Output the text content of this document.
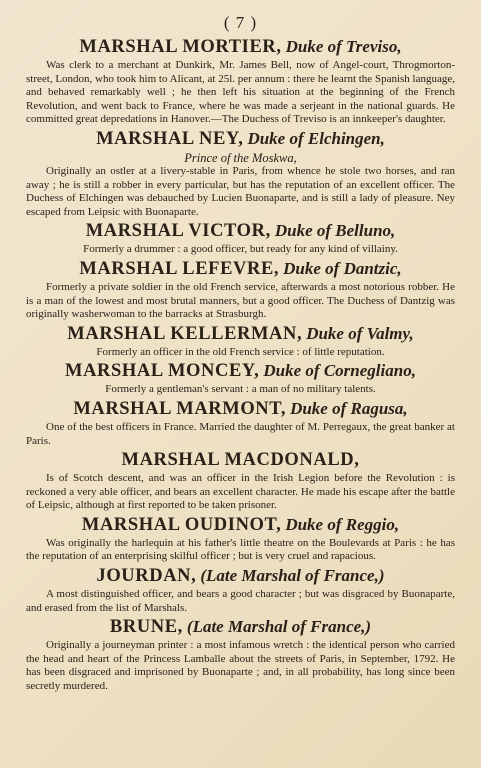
( 7 )
MARSHAL MORTIER, Duke of Treviso,

Was clerk to a merchant at Dunkirk, Mr. James Bell, now of Angel-court, Throgmorton-street, London, who took him to Alicant, at 25l. per annum : there he learnt the Spanish language, and behaved remarkably well ; he then left his situation at the beginning of the French Revolution, and went back to France, where he was made a serjeant in the national guards. He committed great depredations in Hanover.—The Duchess of Treviso is an innkeeper's daughter.

MARSHAL NEY, Duke of Elchingen,
Prince of the Moskwa,

Originally an ostler at a livery-stable in Paris, from whence he stole two horses, and ran away ; he is still a robber in every particular, but has the reputation of an excellent officer. The Duchess of Elchingen was debauched by Lucien Buonaparte, and is still a lady of pleasure. Ney escaped from Leipsic with Buonaparte.

MARSHAL VICTOR, Duke of Belluno,

Formerly a drummer : a good officer, but ready for any kind of villainy.

MARSHAL LEFEVRE, Duke of Dantzic,

Formerly a private soldier in the old French service, afterwards a most notorious robber. He is a man of the lowest and most brutal manners, but a good officer. The Duchess of Dantzig was originally washerwoman to the barracks at Strasburgh.

MARSHAL KELLERMAN, Duke of Valmy,

Formerly an officer in the old French service : of little reputation.

MARSHAL MONCEY, Duke of Cornegliano,

Formerly a gentleman's servant : a man of no military talents.

MARSHAL MARMONT, Duke of Ragusa,

One of the best officers in France. Married the daughter of M. Perregaux, the great banker at Paris.

MARSHAL MACDONALD,

Is of Scotch descent, and was an officer in the Irish Legion before the Revolution : is reckoned a very able officer, and bears an excellent character. He made his escape after the battle of Leipsic, although at first reported to be taken prisoner.

MARSHAL OUDINOT, Duke of Reggio,

Was originally the harlequin at his father's little theatre on the Boulevards at Paris : he has the reputation of an enterprising skilful officer ; but is very cruel and rapacious.

JOURDAN, (Late Marshal of France,)

A most distinguished officer, and bears a good character ; but was disgraced by Buonaparte, and erased from the list of Marshals.

BRUNE, (Late Marshal of France,)

Originally a journeyman printer : a most infamous wretch : the identical person who carried the head and heart of the Princess Lamballe about the streets of Paris, in September, 1792. He has been disgraced and imprisoned by Buonaparte ; and, in all probability, has long since been secretly murdered.
